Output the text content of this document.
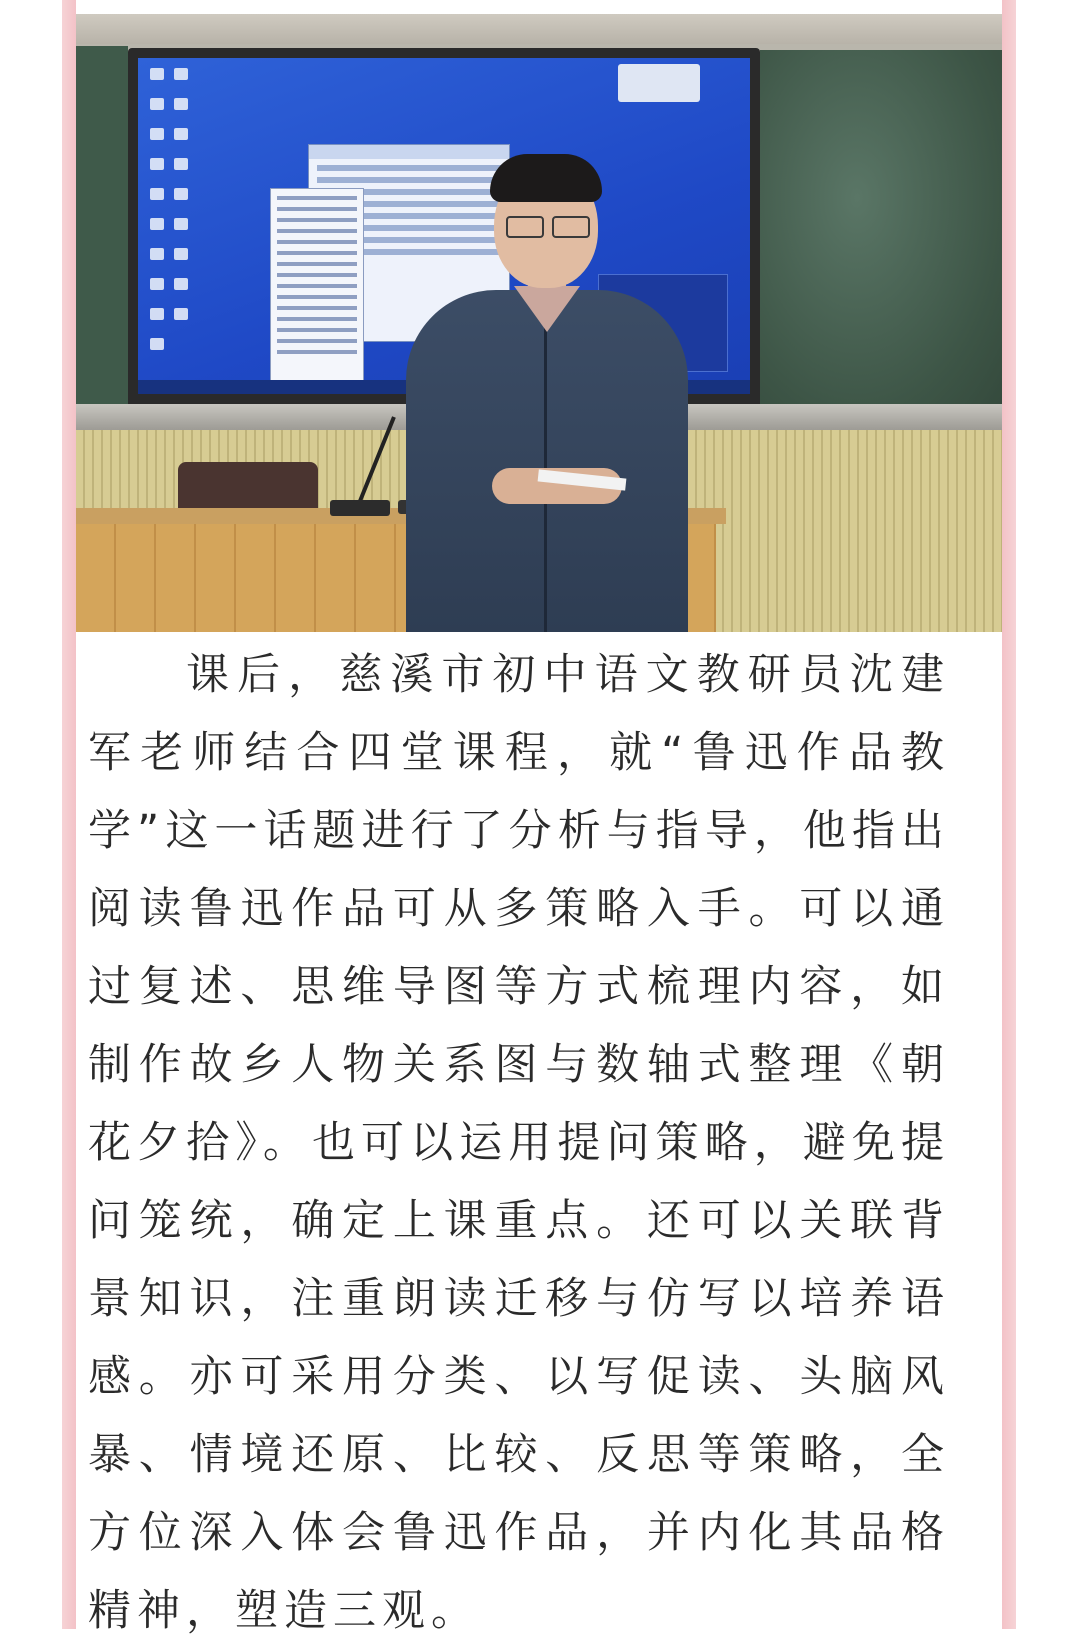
课后，慈溪市初中语文教研员沈建军老师结合四堂课程，就“鲁迅作品教学”这一话题进行了分析与指导，他指出阅读鲁迅作品可从多策略入手。可以通过复述、思维导图等方式梳理内容，如制作故乡人物关系图与数轴式整理《朝花夕拾》。也可以运用提问策略，避免提问笼统，确定上课重点。还可以关联背景知识，注重朗读迁移与仿写以培养语感。亦可采用分类、以写促读、头脑风暴、情境还原、比较、反思等策略，全方位深入体会鲁迅作品，并内化其品格精神，塑造三观。
